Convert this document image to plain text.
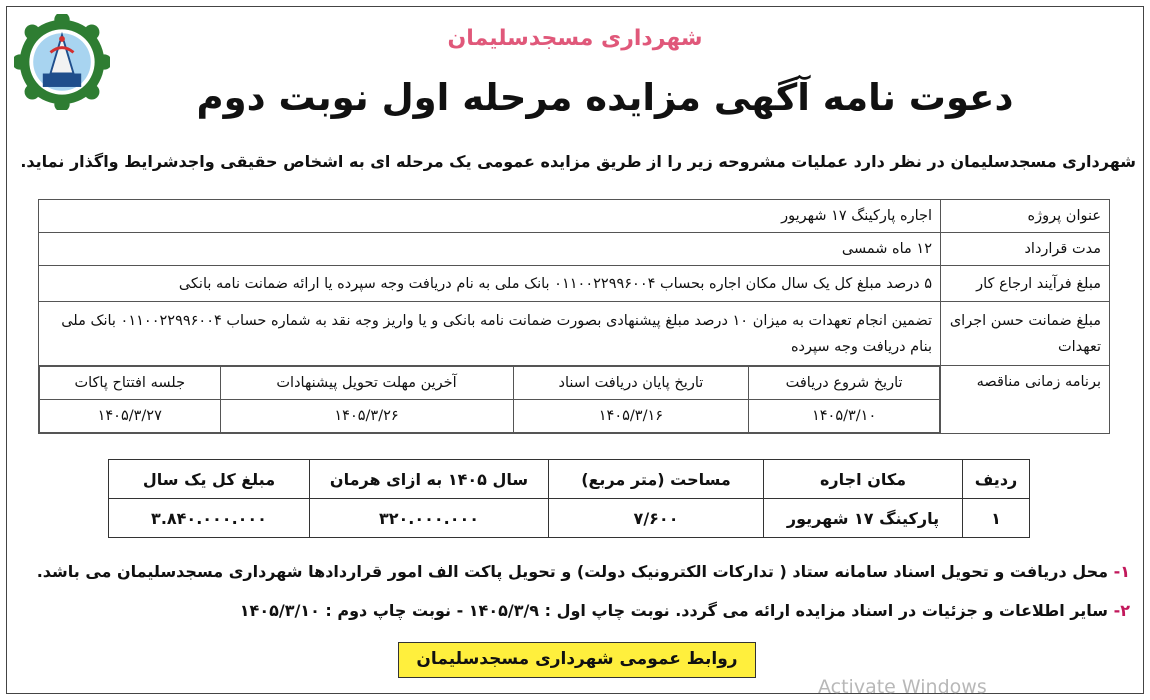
شهرداری مسجدسلیمان
دعوت نامه آگهی مزایده مرحله اول نوبت دوم
شهرداری مسجدسلیمان در نظر دارد عملیات مشروحه زیر را از طریق مزایده عمومی یک مرحله ای به اشخاص حقیقی واجدشرایط واگذار نماید.
عنوان پروژه	اجاره پارکینگ ۱۷ شهریور
مدت قرارداد	۱۲ ماه شمسی
مبلغ فرآیند ارجاع کار	۵ درصد مبلغ کل یک سال مکان اجاره بحساب ۰۱۱۰۰۲۲۹۹۶۰۰۴ بانک ملی به نام دریافت وجه سپرده یا ارائه ضمانت نامه بانکی
مبلغ ضمانت حسن اجرای تعهدات	تضمین انجام تعهدات به میزان ۱۰ درصد مبلغ پیشنهادی بصورت ضمانت نامه بانکی و یا واریز وجه نقد به شماره حساب ۰۱۱۰۰۲۲۹۹۶۰۰۴ بانک ملی بنام دریافت وجه سپرده
برنامه زمانی مناقصه	
تاریخ شروع دریافت	تاریخ پایان دریافت اسناد	آخرین مهلت تحویل پیشنهادات	جلسه افتتاح پاکات
۱۴۰۵/۳/۱۰	۱۴۰۵/۳/۱۶	۱۴۰۵/۳/۲۶	۱۴۰۵/۳/۲۷
ردیف	مکان اجاره	مساحت (متر مربع)	سال ۱۴۰۵ به ازای هرمان	مبلغ کل یک سال
۱	پارکینگ ۱۷ شهریور	۷/۶۰۰	۳۲۰.۰۰۰.۰۰۰	۳.۸۴۰.۰۰۰.۰۰۰
۱- محل دریافت و تحویل اسناد سامانه ستاد ( تدارکات الکترونیک دولت) و تحویل پاکت الف امور قراردادها شهرداری مسجدسلیمان می باشد.
۲- سایر اطلاعات و جزئیات در اسناد مزایده ارائه می گردد. نوبت چاپ اول : ۱۴۰۵/۳/۹ - نوبت چاپ دوم : ۱۴۰۵/۳/۱۰
روابط عمومی شهرداری مسجدسلیمان
Activate Windows
